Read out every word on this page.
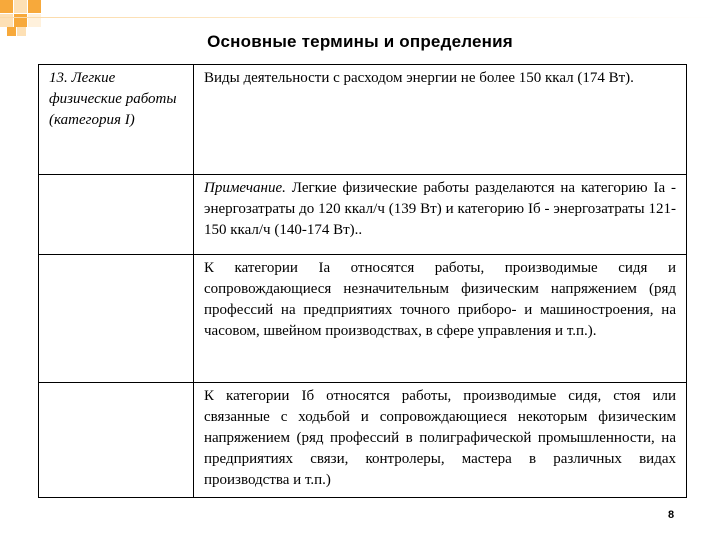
Основные термины и определения
13. Легкие физические работы (категория I)	Виды деятельности с расходом энергии не более 150 ккал (174 Вт).
	Примечание. Легкие физические работы разделаются на категорию Iа - энергозатраты до 120 ккал/ч (139 Вт) и категорию Iб - энергозатраты 121-150 ккал/ч (140-174 Вт)..
	К категории Iа относятся работы, производимые сидя и сопровождающиеся незначительным физическим напряжением (ряд профессий на предприятиях точного приборо- и машиностроения, на часовом, швейном производствах, в сфере управления и т.п.).
	К категории Iб относятся работы, производимые сидя, стоя или связанные с ходьбой и сопровождающиеся некоторым физическим напряжением (ряд профессий в полиграфической промышленности, на предприятиях связи, контролеры, мастера в различных видах производства и т.п.)
8
